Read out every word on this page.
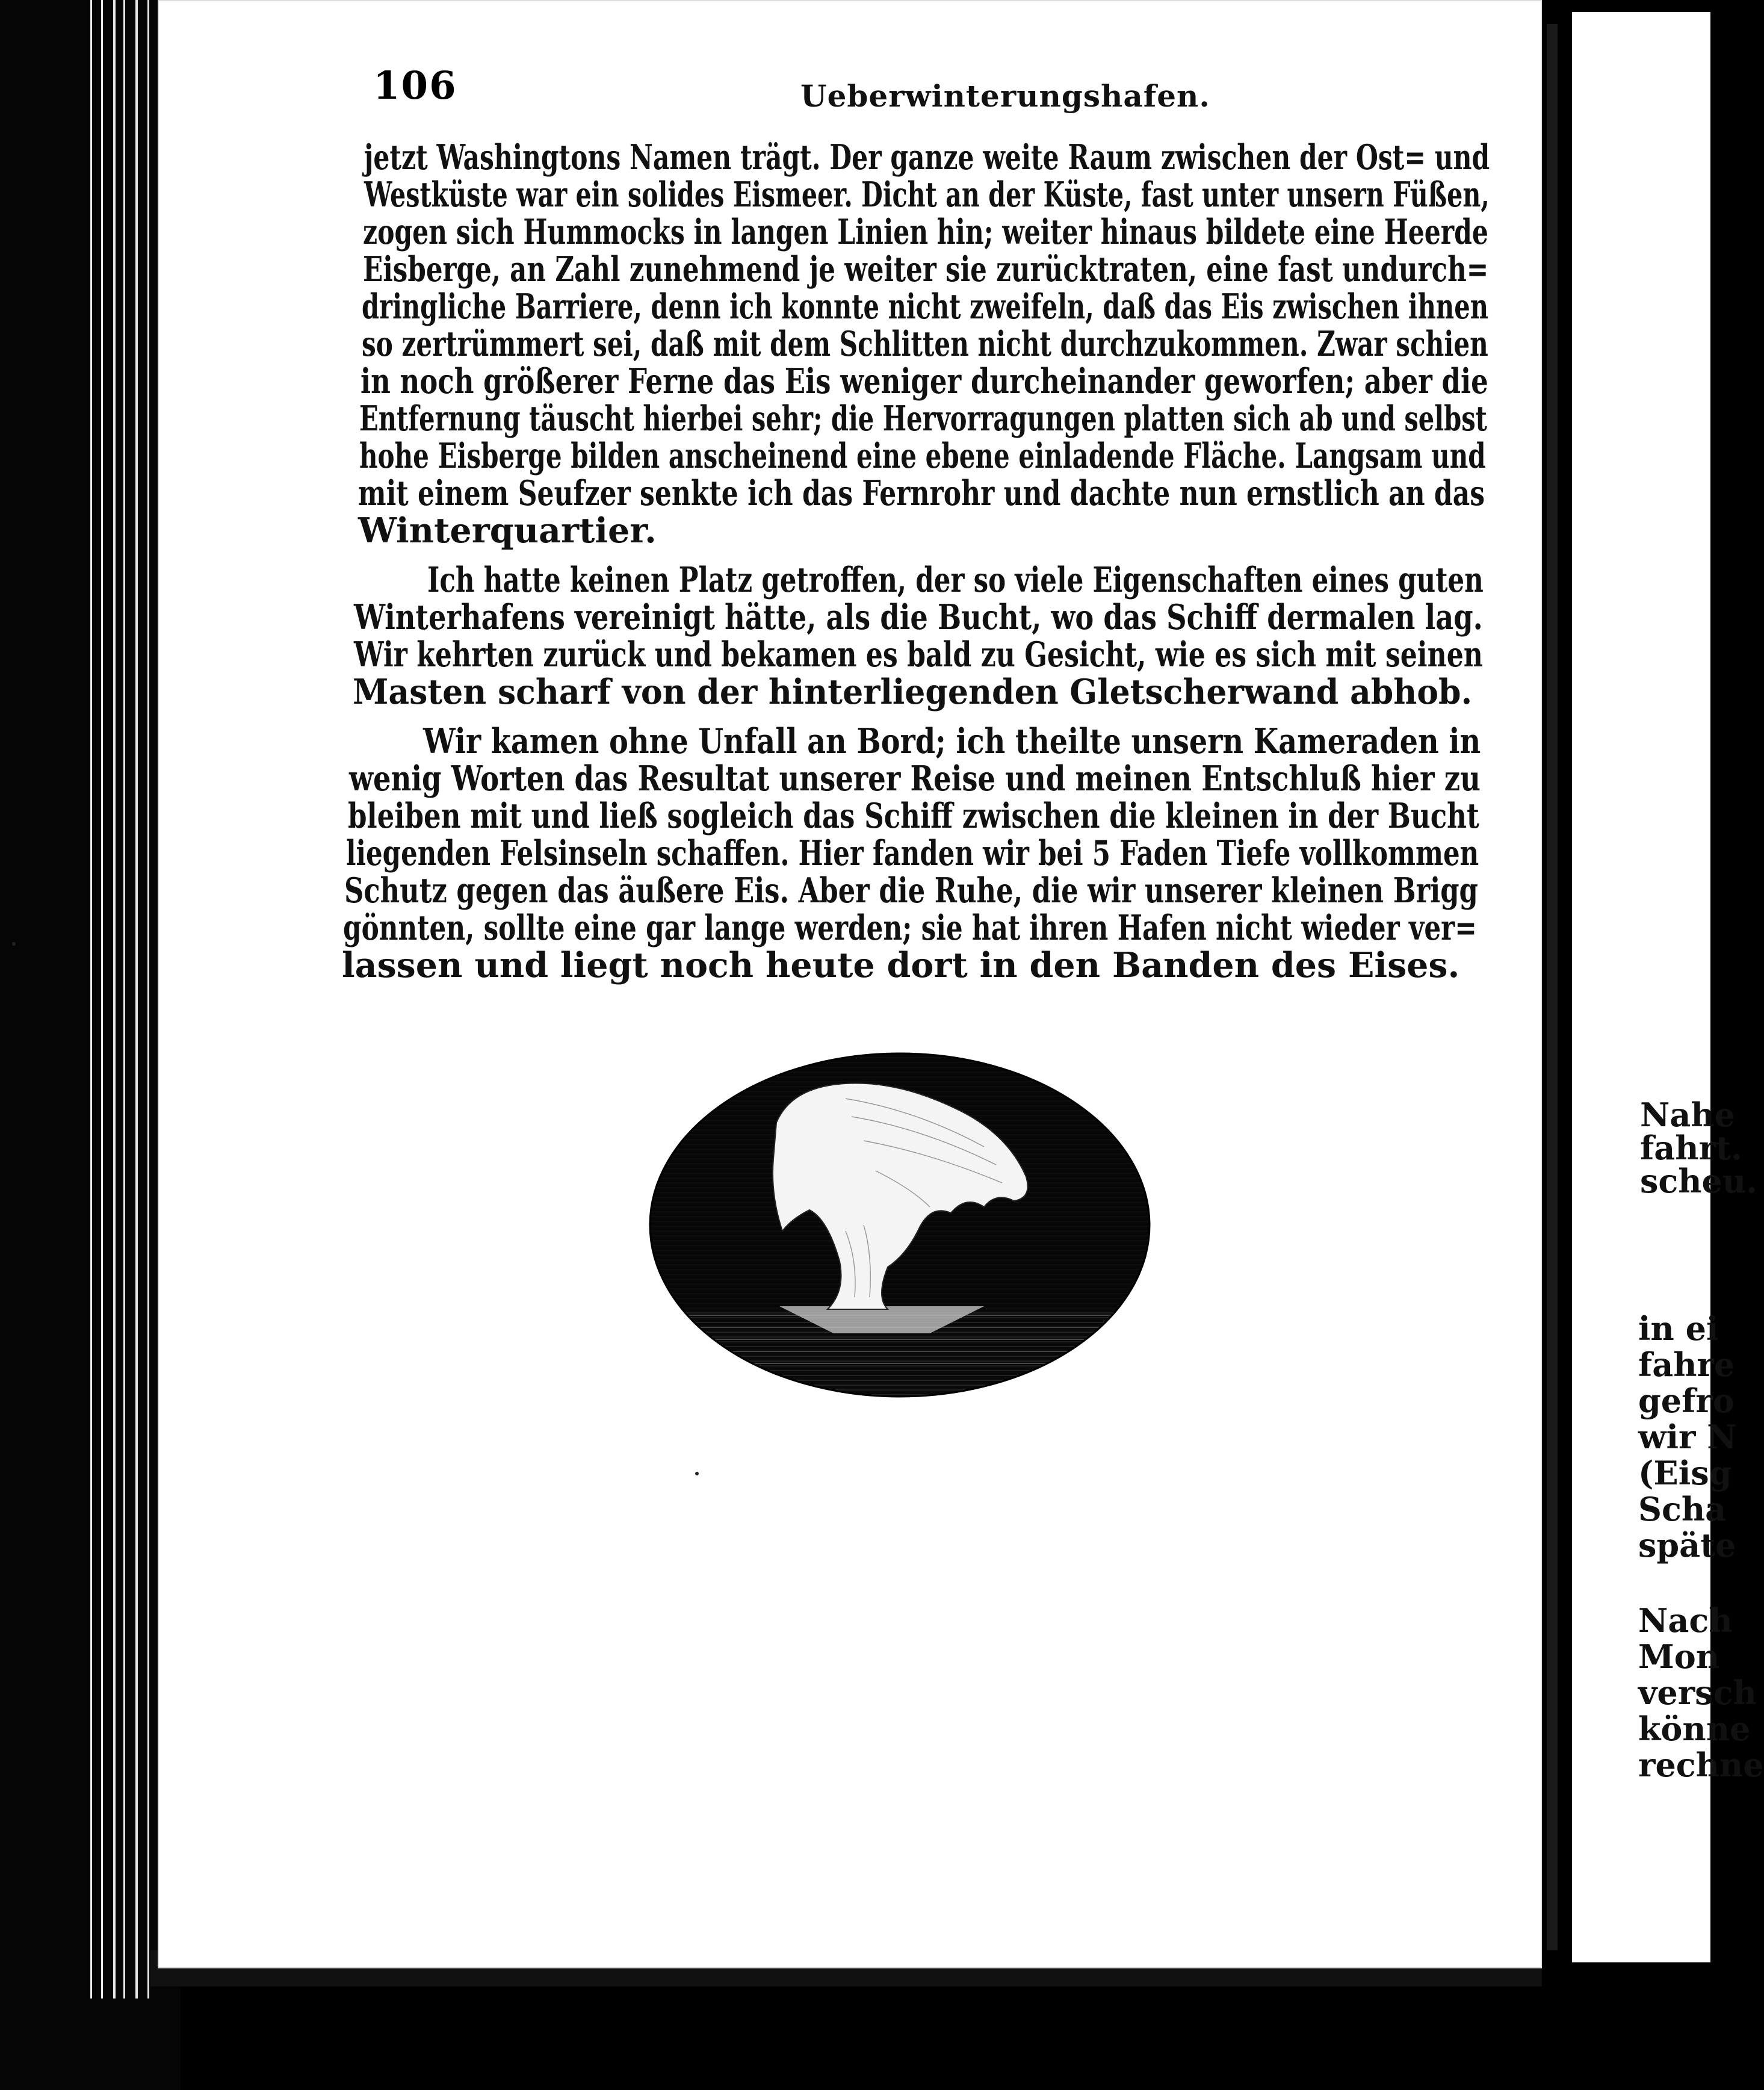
106	Ueberwinterungshafen.
jetzt Washingtons Namen trägt. Der ganze weite Raum zwischen der Ost= und
Westküste war ein solides Eismeer. Dicht an der Küste, fast unter unsern Füßen,
zogen sich Hummocks in langen Linien hin; weiter hinaus bildete eine Heerde
Eisberge, an Zahl zunehmend je weiter sie zurücktraten, eine fast undurch=
dringliche Barriere, denn ich konnte nicht zweifeln, daß das Eis zwischen ihnen
so zertrümmert sei, daß mit dem Schlitten nicht durchzukommen. Zwar schien
in noch größerer Ferne das Eis weniger durcheinander geworfen; aber die
Entfernung täuscht hierbei sehr; die Hervorragungen platten sich ab und selbst
hohe Eisberge bilden anscheinend eine ebene einladende Fläche. Langsam und
mit einem Seufzer senkte ich das Fernrohr und dachte nun ernstlich an das
Winterquartier.
Ich hatte keinen Platz getroffen, der so viele Eigenschaften eines guten
Winterhafens vereinigt hätte, als die Bucht, wo das Schiff dermalen lag.
Wir kehrten zurück und bekamen es bald zu Gesicht, wie es sich mit seinen
Masten scharf von der hinterliegenden Gletscherwand abhob.
Wir kamen ohne Unfall an Bord; ich theilte unsern Kameraden in
wenig Worten das Resultat unserer Reise und meinen Entschluß hier zu
bleiben mit und ließ sogleich das Schiff zwischen die kleinen in der Bucht
liegenden Felsinseln schaffen. Hier fanden wir bei 5 Faden Tiefe vollkommen
Schutz gegen das äußere Eis. Aber die Ruhe, die wir unserer kleinen Brigg
gönnten, sollte eine gar lange werden; sie hat ihren Hafen nicht wieder ver=
lassen und liegt noch heute dort in den Banden des Eises.
Nahe
fahrt.
scheu.
in ei
fahre
gefro
wir N
(Eisg
Scha
späte
Nach
Mon
versch
könne
rechne
